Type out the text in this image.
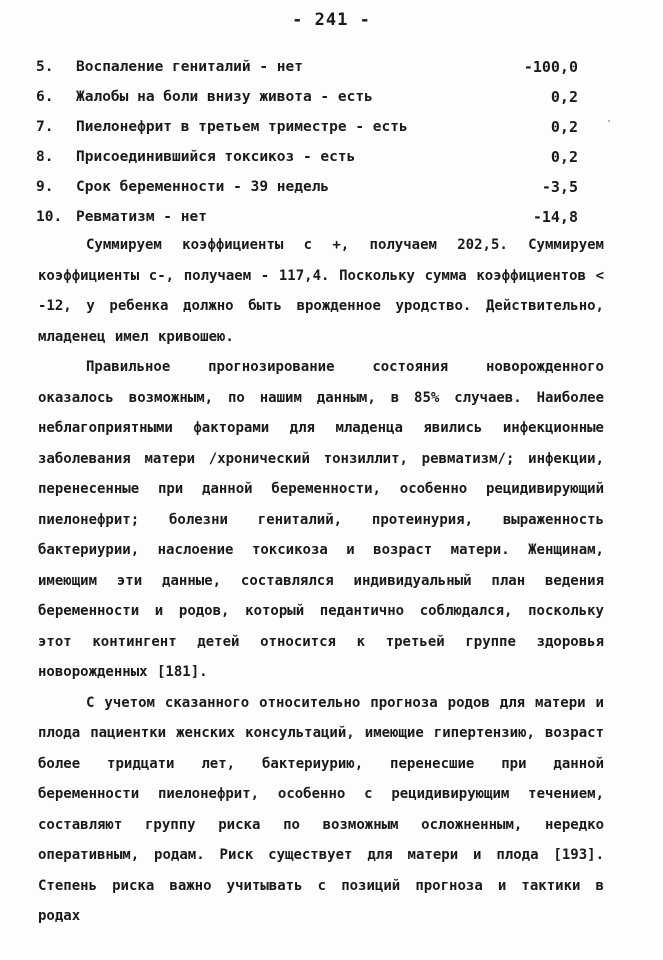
- 241 -
ˋ
5.	Воспаление гениталий - нет	-100,0
6.	Жалобы на боли внизу живота - есть	0,2
7.	Пиелонефрит в третьем триместре - есть	0,2
8.	Присоединившийся токсикоз - есть	0,2
9.	Срок беременности - 39 недель	-3,5
10. Ревматизм - нет	-14,8

Суммируем коэффициенты с +, получаем 202,5. Суммируем коэффициенты с-, получаем - 117,4. Поскольку сумма коэффициентов < -12, у ребенка должно быть врожденное уродство. Действительно, младенец имел кривошею.

Правильное прогнозирование состояния новорожденного оказалось возможным, по нашим данным, в 85% случаев. Наиболее неблагоприятными факторами для младенца явились инфекционные заболевания матери /хронический тонзиллит, ревматизм/; инфекции, перенесенные при данной беременности, особенно рецидивирующий пиелонефрит; болезни гениталий, протеинурия, выраженность бактериурии, наслоение токсикоза и возраст матери. Женщинам, имеющим эти данные, составлялся индивидуальный план ведения беременности и родов, который педантично соблюдался, поскольку этот контингент детей относится к третьей группе здоровья новорожденных [181].

С учетом сказанного относительно прогноза родов для матери и плода пациентки женских консультаций, имеющие гипертензию, возраст более тридцати лет, бактериурию, перенесшие при данной беременности пиелонефрит, особенно с рецидивирующим течением, составляют группу риска по возможным осложненным, нередко оперативным, родам. Риск существует для матери и плода [193]. Степень риска важно учитывать с позиций прогноза и тактики в родах
